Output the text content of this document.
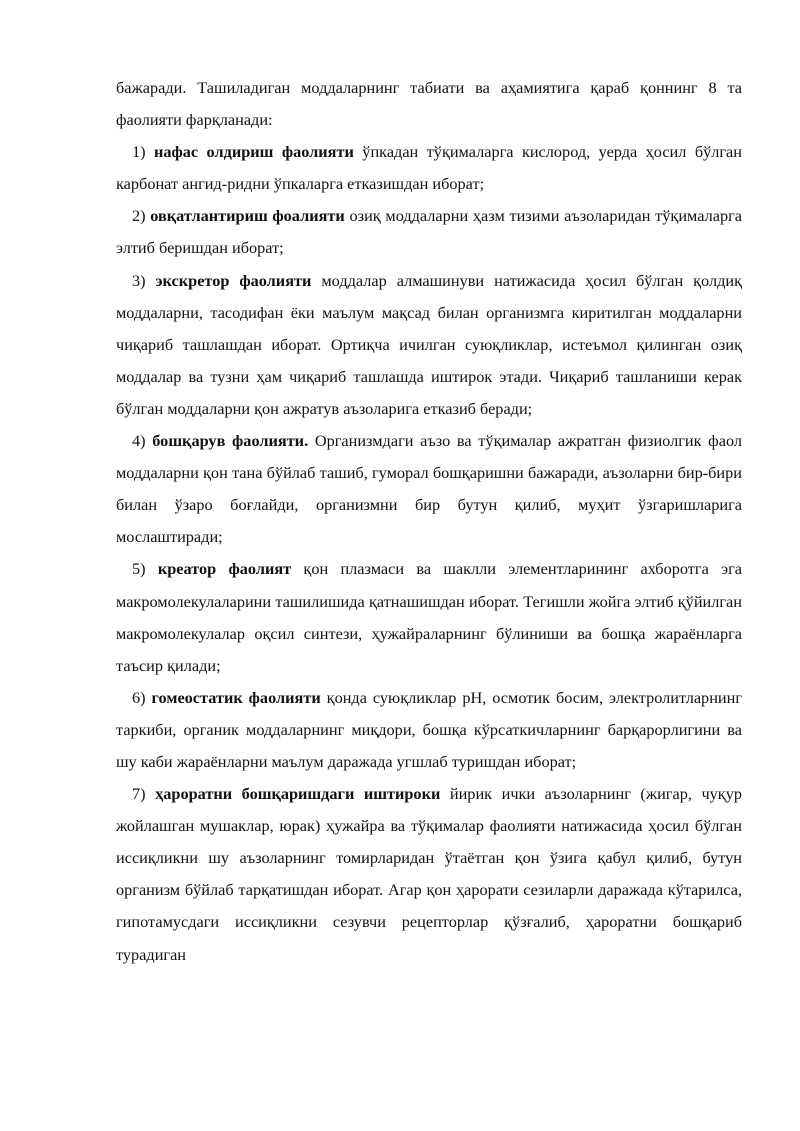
бажаради. Ташиладиган моддаларнинг табиати ва аҳамиятига қараб қоннинг 8 та фаолияти фарқланади:

1) нафас олдириш фаолияти ўпкадан тўқималарга кислород, уерда ҳосил бўлган карбонат ангид-ридни ўпкаларга етказишдан иборат;

2) овқатлантириш фоалияти озиқ моддаларни ҳазм тизими аъзоларидан тўқималарга элтиб беришдан иборат;

3) экскретор фаолияти моддалар алмашинуви натижасида ҳосил бўлган қолдиқ моддаларни, тасодифан ёки маълум мақсад билан организмга киритилган моддаларни чиқариб ташлашдан иборат. Ортиқча ичилган суюқликлар, истеъмол қилинган озиқ моддалар ва тузни ҳам чиқариб ташлашда иштирок этади. Чиқариб ташланиши керак бўлган моддаларни қон ажратув аъзоларига етказиб беради;

4) бошқарув фаолияти. Организмдаги аъзо ва тўқималар ажратган физиолгик фаол моддаларни қон тана бўйлаб ташиб, гуморал бошқаришни бажаради, аъзоларни бир-бири билан ўзаро боғлайди, организмни бир бутун қилиб, муҳит ўзгаришларига мослаштиради;

5) креатор фаолият қон плазмаси ва шаклли элементларининг ахборотга эга макромолекулаларини ташилишида қатнашишдан иборат. Тегишли жойга элтиб қўйилган макромолекулалар оқсил синтези, ҳужайраларнинг бўлиниши ва бошқа жараёнларга таъсир қилади;

6) гомеостатик фаолияти қонда суюқликлар рН, осмотик босим, электролитларнинг таркиби, органик моддаларнинг миқдори, бошқа кўрсаткичларнинг барқарорлигини ва шу каби жараёнларни маълум даражада угшлаб туришдан иборат;

7) ҳароратни бошқаришдаги иштироки йирик ички аъзоларнинг (жигар, чуқур жойлашган мушаклар, юрак) ҳужайра ва тўқималар фаолияти натижасида ҳосил бўлган иссиқликни шу аъзоларнинг томирларидан ўтаётган қон ўзига қабул қилиб, бутун организм бўйлаб тарқатишдан иборат. Агар қон ҳарорати сезиларли даражада кўтарилса, гипотамусдаги иссиқликни сезувчи рецепторлар қўзғалиб, ҳароратни бошқариб турадиган
